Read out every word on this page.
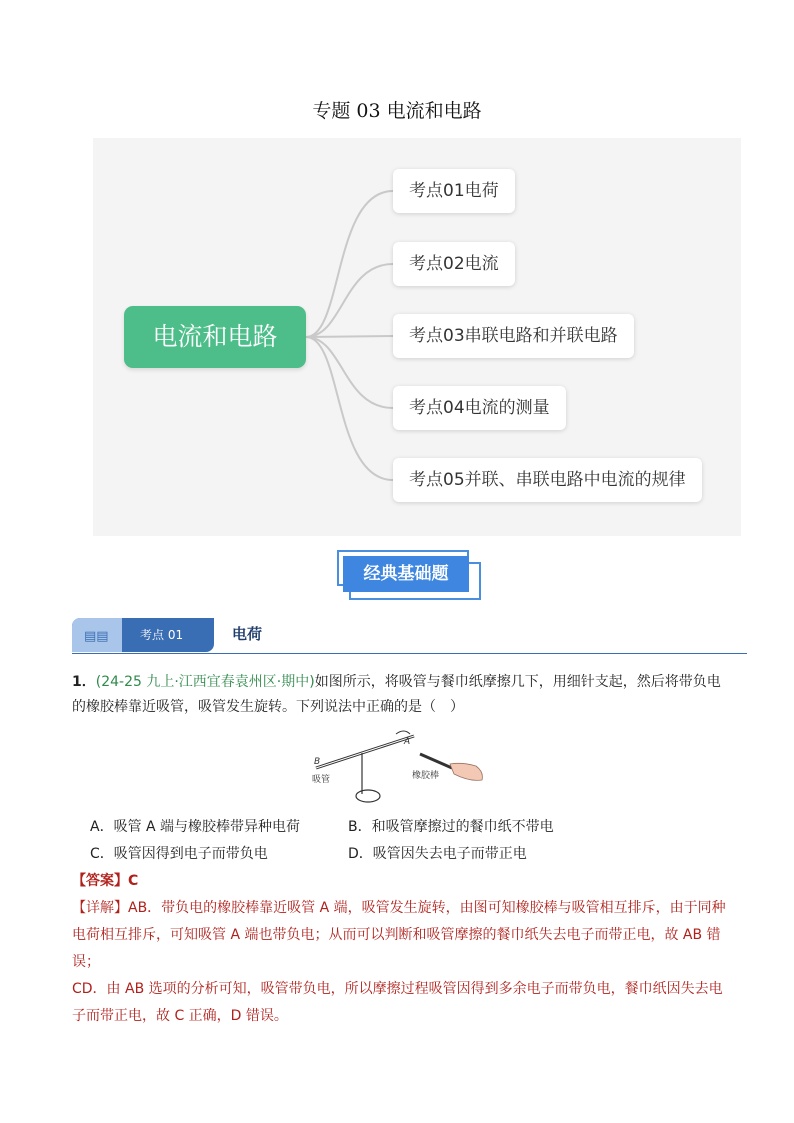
专题 03 电流和电路
电流和电路
考点01电荷
考点02电流
考点03串联电路和并联电路
考点04电流的测量
考点05并联、串联电路中电流的规律
经典基础题
▤▤	考点 01	电荷
1．(24-25 九上·江西宜春袁州区·期中)如图所示，将吸管与餐巾纸摩擦几下，用细针支起，然后将带负电的橡胶棒靠近吸管，吸管发生旋转。下列说法中正确的是（　）
B
A
吸管	橡胶棒
A．吸管 A 端与橡胶棒带异种电荷	B．和吸管摩擦过的餐巾纸不带电
C．吸管因得到电子而带负电	D．吸管因失去电子而带正电
【答案】C
【详解】AB．带负电的橡胶棒靠近吸管 A 端，吸管发生旋转，由图可知橡胶棒与吸管相互排斥，由于同种电荷相互排斥，可知吸管 A 端也带负电；从而可以判断和吸管摩擦的餐巾纸失去电子而带正电，故 AB 错误；
CD．由 AB 选项的分析可知，吸管带负电，所以摩擦过程吸管因得到多余电子而带负电，餐巾纸因失去电子而带正电，故 C 正确，D 错误。
